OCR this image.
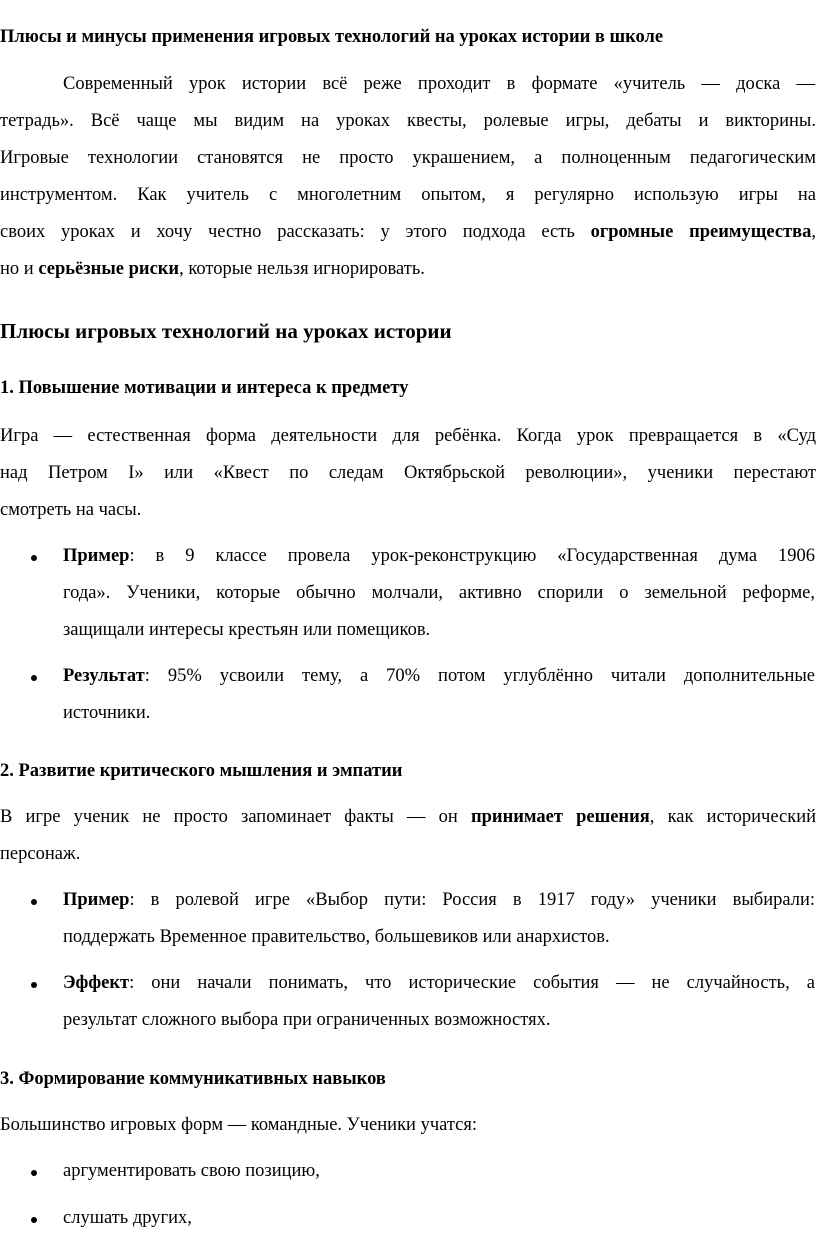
Плюсы и минусы применения игровых технологий на уроках истории в школе
Современный урок истории всё реже проходит в формате «учитель — доска —
тетрадь». Всё чаще мы видим на уроках квесты, ролевые игры, дебаты и викторины.
Игровые технологии становятся не просто украшением, а полноценным педагогическим
инструментом. Как учитель с многолетним опытом, я регулярно использую игры на
своих уроках и хочу честно рассказать: у этого подхода есть огромные преимущества,
но и серьёзные риски, которые нельзя игнорировать.
Плюсы игровых технологий на уроках истории
1. Повышение мотивации и интереса к предмету
Игра — естественная форма деятельности для ребёнка. Когда урок превращается в «Суд
над Петром I» или «Квест по следам Октябрьской революции», ученики перестают
смотреть на часы.
Пример: в 9 классе провела урок-реконструкцию «Государственная дума 1906
года». Ученики, которые обычно молчали, активно спорили о земельной реформе,
защищали интересы крестьян или помещиков.
Результат: 95% усвоили тему, а 70% потом углублённо читали дополнительные
источники.
2. Развитие критического мышления и эмпатии
В игре ученик не просто запоминает факты — он принимает решения, как исторический
персонаж.
Пример: в ролевой игре «Выбор пути: Россия в 1917 году» ученики выбирали:
поддержать Временное правительство, большевиков или анархистов.
Эффект: они начали понимать, что исторические события — не случайность, а
результат сложного выбора при ограниченных возможностях.
3. Формирование коммуникативных навыков
Большинство игровых форм — командные. Ученики учатся:
аргументировать свою позицию,
слушать других,
